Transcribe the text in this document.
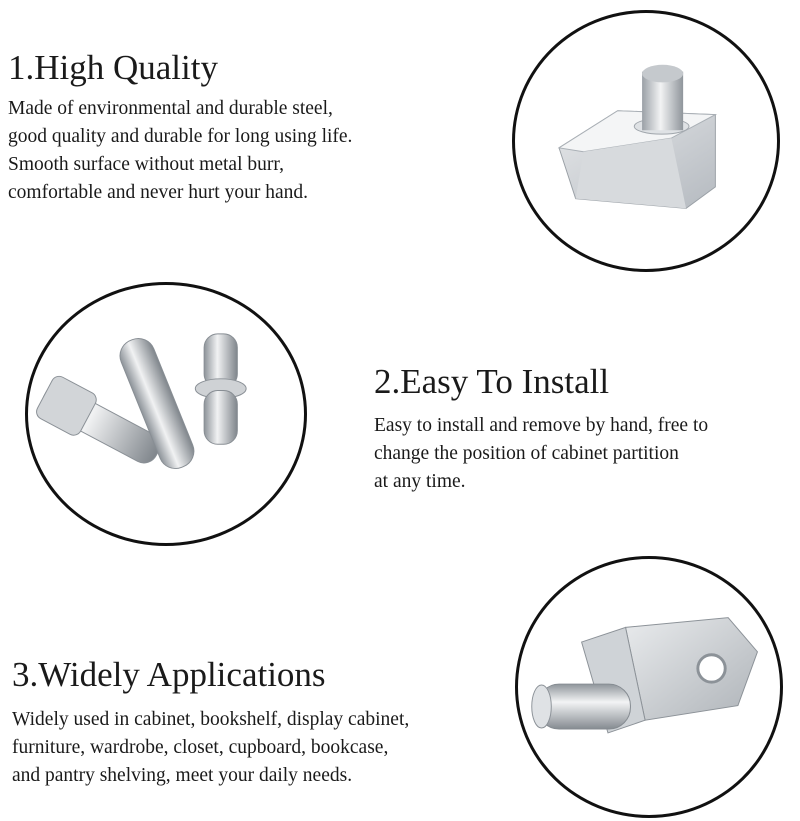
1.High Quality
Made of environmental and durable steel,
good quality and durable for long using life.
Smooth surface without metal burr,
comfortable and never hurt your hand.
2.Easy To Install
Easy to install and remove by hand, free to
change the position of cabinet partition
at any time.
3.Widely Applications
Widely used in cabinet, bookshelf, display cabinet,
furniture, wardrobe, closet, cupboard, bookcase,
and pantry shelving, meet your daily needs.
